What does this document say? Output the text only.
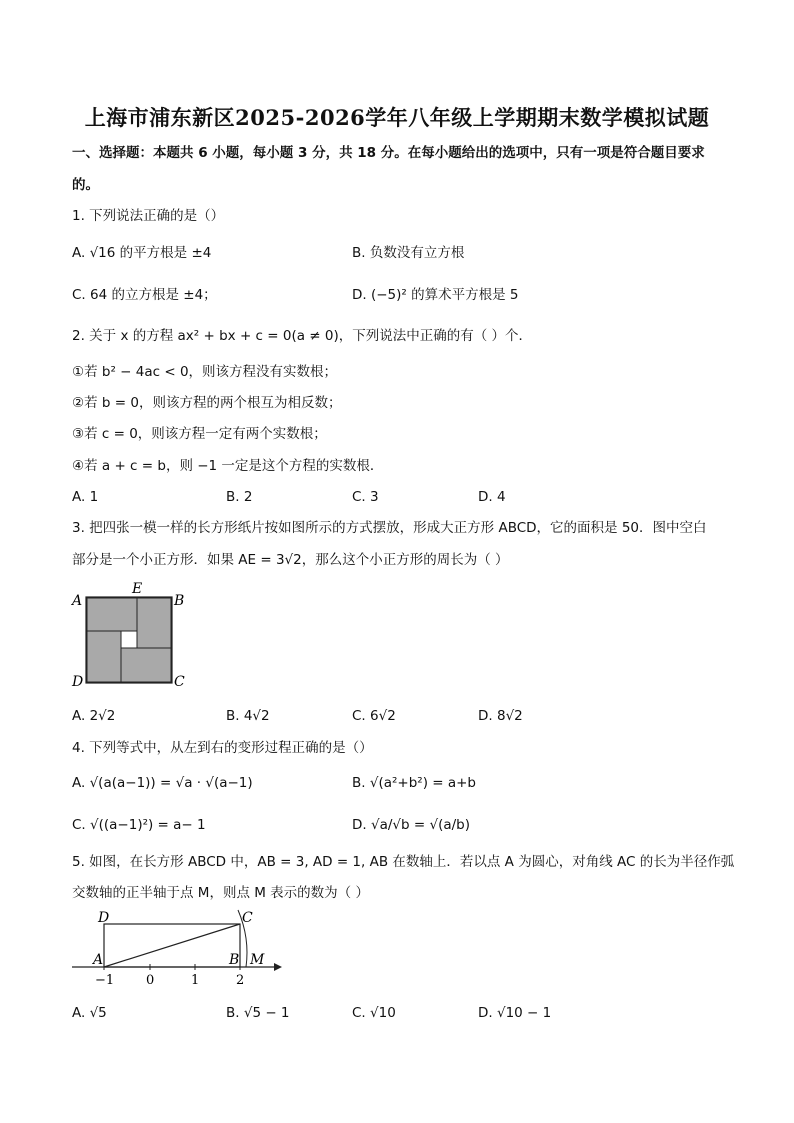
上海市浦东新区2025-2026学年八年级上学期期末数学模拟试题
一、选择题：本题共 6 小题，每小题 3 分，共 18 分。在每小题给出的选项中，只有一项是符合题目要求
的。
1. 下列说法正确的是（）
A. √16 的平方根是 ±4	B. 负数没有立方根
C. 64 的立方根是 ±4；	D. (−5)² 的算术平方根是 5
2. 关于 x 的方程 ax² + bx + c = 0(a ≠ 0)，下列说法中正确的有（ ）个．
①若 b² − 4ac < 0，则该方程没有实数根；
②若 b = 0，则该方程的两个根互为相反数；
③若 c = 0，则该方程一定有两个实数根；
④若 a + c = b，则 −1 一定是这个方程的实数根．
A. 1	B. 2	C. 3	D. 4
3. 把四张一模一样的长方形纸片按如图所示的方式摆放，形成大正方形 ABCD，它的面积是 50．图中空白
部分是一个小正方形．如果 AE = 3√2，那么这个小正方形的周长为（ ）
A	B
C
D
E
A. 2√2	B. 4√2	C. 6√2	D. 8√2
4. 下列等式中，从左到右的变形过程正确的是（）
A. √(a(a−1)) = √a · √(a−1)	B. √(a²+b²) = a+b
C. √((a−1)²) = a− 1	D. √a/√b = √(a/b)
5. 如图，在长方形 ABCD 中，AB = 3, AD = 1, AB 在数轴上．若以点 A 为圆心，对角线 AC 的长为半径作弧
交数轴的正半轴于点 M，则点 M 表示的数为（ ）
D	C
A	B M
−1 0	1	2
A. √5	B. √5 − 1	C. √10	D. √10 − 1
